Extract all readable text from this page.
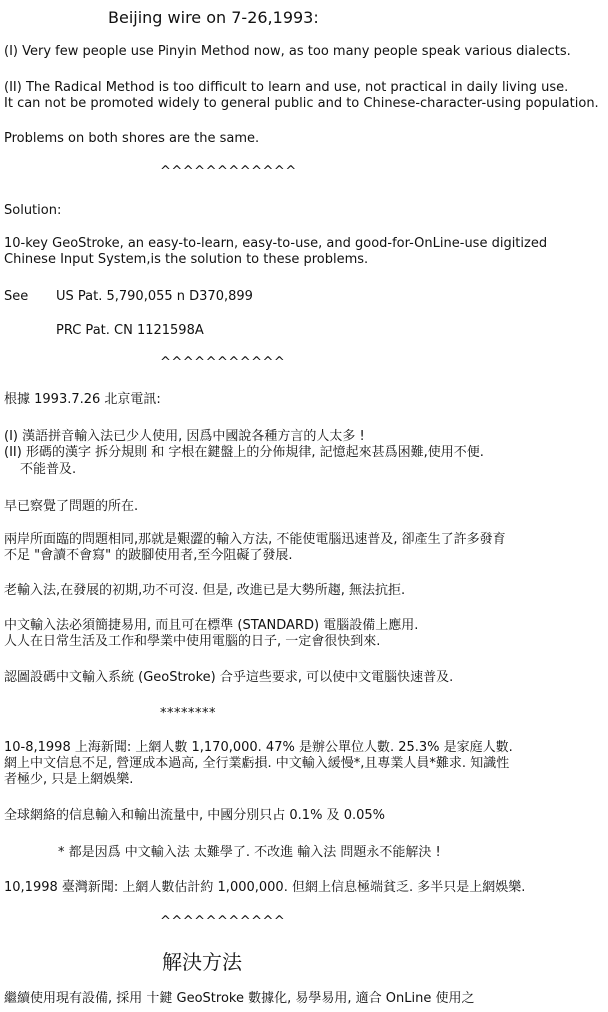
Beijing wire on 7-26,1993:
(I) Very few people use Pinyin Method now, as too many people speak various dialects.
(II) The Radical Method is too difficult to learn and use, not practical in daily living use.
It can not be promoted widely to general public and to Chinese-character-using population.
Problems on both shores are the same.
^^^^^^^^^^^^
Solution:
10-key GeoStroke, an easy-to-learn, easy-to-use, and good-for-OnLine-use digitized
Chinese Input System,is the solution to these problems.
See US Pat. 5,790,055 n D370,899
PRC Pat. CN 1121598A
^^^^^^^^^^^
根據 1993.7.26 北京電訊:
(I) 漢語拼音輸入法已少人使用, 因爲中國說各種方言的人太多 !
(II) 形碼的漢字 拆分規則 和 字根在鍵盤上的分佈規律, 記憶起來甚爲困難,使用不便.
不能普及.
早已察覺了問題的所在.
兩岸所面臨的問題相同,那就是艱澀的輸入方法, 不能使電腦迅速普及, 卻產生了許多發育
不足 "會讀不會寫" 的跛腳使用者,至今阻礙了發展.
老輸入法,在發展的初期,功不可沒. 但是, 改進已是大勢所趨, 無法抗拒.
中文輸入法必須簡捷易用, 而且可在標準 (STANDARD) 電腦設備上應用.
人人在日常生活及工作和學業中使用電腦的日子, 一定會很快到來.
認圖設碼中文輸入系統 (GeoStroke) 合乎這些要求, 可以使中文電腦快速普及.
********
10-8,1998 上海新聞: 上網人數 1,170,000. 47% 是辦公單位人數. 25.3% 是家庭人數.
網上中文信息不足, 營運成本過高, 全行業虧損. 中文輸入緩慢*,且專業人員*難求. 知識性
者極少, 只是上網娛樂.
全球網絡的信息輸入和輸出流量中, 中國分別只占 0.1% 及 0.05%
* 都是因爲 中文輸入法 太難學了. 不改進 輸入法 問題永不能解決 !
10,1998 臺灣新聞: 上網人數估計約 1,000,000. 但網上信息極端貧乏. 多半只是上網娛樂.
^^^^^^^^^^^
解決方法
繼續使用現有設備, 採用 十鍵 GeoStroke 數據化, 易學易用, 適合 OnLine 使用之
